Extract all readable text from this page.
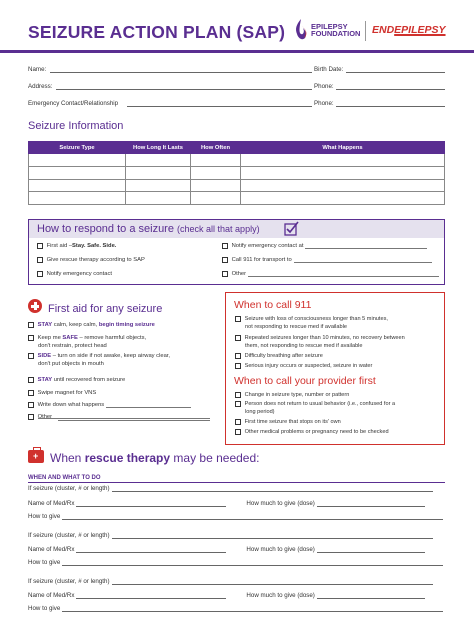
SEIZURE ACTION PLAN (SAP)	EPILEPSY
FOUNDATION ENDEPILEPSY
Name:	Birth Date:
Address:	Phone:
Emergency Contact/Relationship	Phone:
Seizure Information
Seizure Type	How Long It Lasts	How Often	What Happens

How to respond to a seizure (check all that apply)
First aid – Stay. Safe. Side.
Give rescue therapy according to SAP
Notify emergency contact
Notify emergency contact at
Call 911 for transport to
Other
First aid for any seizure
STAY calm, keep calm, begin timing seizure
Keep me SAFE – remove harmful objects,
don't restrain, protect head
SIDE – turn on side if not awake, keep airway clear,
don't put objects in mouth
STAY until recovered from seizure
Swipe magnet for VNS
Write down what happens
Other
When to call 911
Seizure with loss of consciousness longer than 5 minutes,
not responding to rescue med if available
Repeated seizures longer than 10 minutes, no recovery between
them, not responding to rescue med if available
Difficulty breathing after seizure
Serious injury occurs or suspected, seizure in water
When to call your provider first
Change in seizure type, number or pattern
Person does not return to usual behavior (i.e., confused for a
long period)
First time seizure that stops on its' own
Other medical problems or pregnancy need to be checked
+ When rescue therapy may be needed:
WHEN AND WHAT TO DO
If seizure (cluster, # or length)
Name of Med/Rx	How much to give (dose)
How to give
If seizure (cluster, # or length)
Name of Med/Rx	How much to give (dose)
How to give
If seizure (cluster, # or length)
Name of Med/Rx	How much to give (dose)
How to give
